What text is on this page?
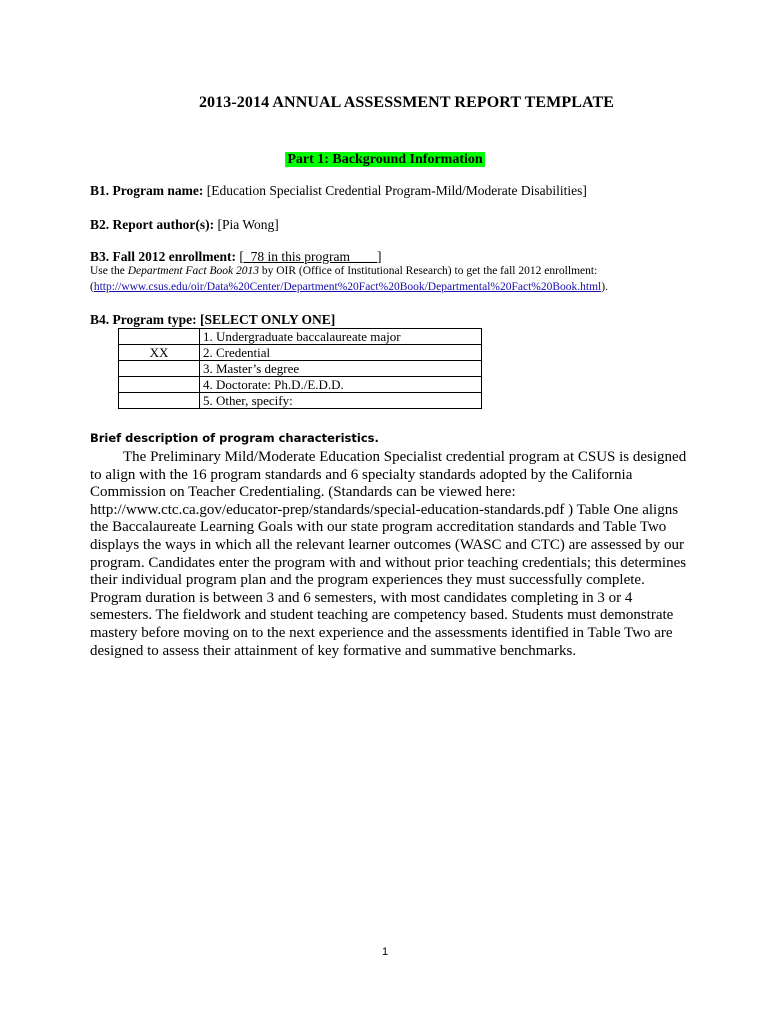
2013-2014 ANNUAL ASSESSMENT REPORT TEMPLATE
Part 1: Background Information
B1. Program name: [Education Specialist Credential Program-Mild/Moderate Disabilities]
B2. Report author(s): [Pia Wong]
B3. Fall 2012 enrollment: [_78 in this program____]
Use the Department Fact Book 2013 by OIR (Office of Institutional Research) to get the fall 2012 enrollment:
(http://www.csus.edu/oir/Data%20Center/Department%20Fact%20Book/Departmental%20Fact%20Book.html).
B4. Program type: [SELECT ONLY ONE]
	1. Undergraduate baccalaureate major
XX	2. Credential
	3. Master’s degree
	4. Doctorate: Ph.D./E.D.D.
	5. Other, specify:
Brief description of program characteristics.
The Preliminary Mild/Moderate Education Specialist credential program at CSUS is designed to align with the 16 program standards and 6 specialty standards adopted by the California Commission on Teacher Credentialing. (Standards can be viewed here: http://www.ctc.ca.gov/educator-prep/standards/special-education-standards.pdf ) Table One aligns the Baccalaureate Learning Goals with our state program accreditation standards and Table Two displays the ways in which all the relevant learner outcomes (WASC and CTC) are assessed by our program. Candidates enter the program with and without prior teaching credentials; this determines their individual program plan and the program experiences they must successfully complete. Program duration is between 3 and 6 semesters, with most candidates completing in 3 or 4 semesters. The fieldwork and student teaching are competency based. Students must demonstrate mastery before moving on to the next experience and the assessments identified in Table Two are designed to assess their attainment of key formative and summative benchmarks.
1
